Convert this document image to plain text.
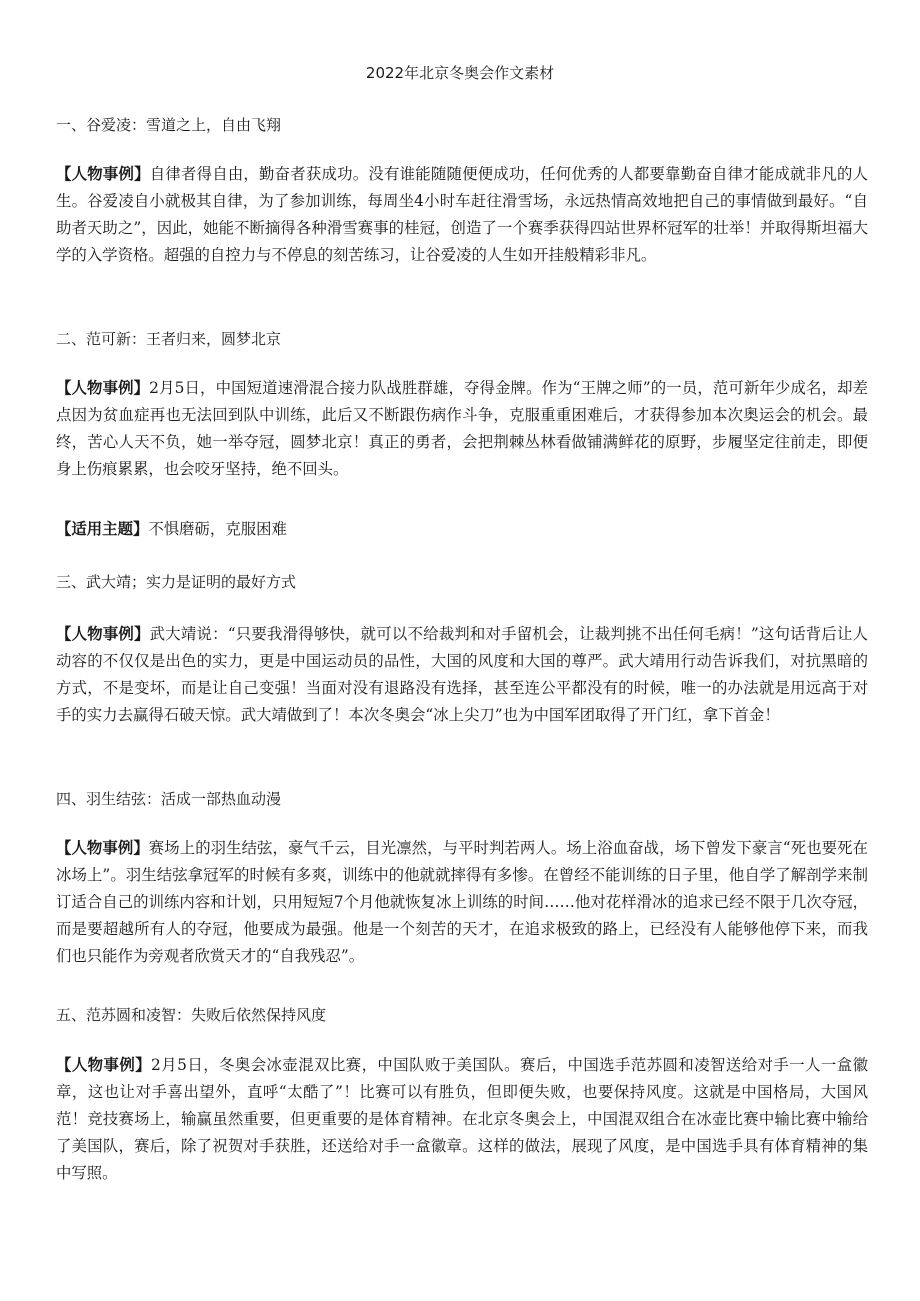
2022年北京冬奥会作文素材
一、谷爱凌：雪道之上，自由飞翔
【人物事例】自律者得自由，勤奋者获成功。没有谁能随随便便成功，任何优秀的人都要靠勤奋自律才能成就非凡的人生。谷爱凌自小就极其自律，为了参加训练，每周坐4小时车赶往滑雪场，永远热情高效地把自己的事情做到最好。“自助者天助之”，因此，她能不断摘得各种滑雪赛事的桂冠，创造了一个赛季获得四站世界杯冠军的壮举！并取得斯坦福大学的入学资格。超强的自控力与不停息的刻苦练习，让谷爱凌的人生如开挂般精彩非凡。
二、范可新：王者归来，圆梦北京
【人物事例】2月5日，中国短道速滑混合接力队战胜群雄，夺得金牌。作为“王牌之师”的一员，范可新年少成名，却差点因为贫血症再也无法回到队中训练，此后又不断跟伤病作斗争，克服重重困难后，才获得参加本次奥运会的机会。最终，苦心人天不负，她一举夺冠，圆梦北京！真正的勇者，会把荆棘丛林看做铺满鲜花的原野，步履坚定往前走，即便身上伤痕累累，也会咬牙坚持，绝不回头。
【适用主题】不惧磨砺，克服困难
三、武大靖；实力是证明的最好方式
【人物事例】武大靖说：“只要我滑得够快，就可以不给裁判和对手留机会，让裁判挑不出任何毛病！”这句话背后让人动容的不仅仅是出色的实力，更是中国运动员的品性，大国的风度和大国的尊严。武大靖用行动告诉我们，对抗黑暗的方式，不是变坏，而是让自己变强！当面对没有退路没有选择，甚至连公平都没有的时候，唯一的办法就是用远高于对手的实力去赢得石破天惊。武大靖做到了！本次冬奥会“冰上尖刀”也为中国军团取得了开门红，拿下首金！
四、羽生结弦：活成一部热血动漫
【人物事例】赛场上的羽生结弦，豪气千云，目光凛然，与平时判若两人。场上浴血奋战，场下曾发下豪言“死也要死在冰场上”。羽生结弦拿冠军的时候有多爽，训练中的他就就摔得有多惨。在曾经不能训练的日子里，他自学了解剖学来制订适合自己的训练内容和计划，只用短短7个月他就恢复冰上训练的时间……他对花样滑冰的追求已经不限于几次夺冠，而是要超越所有人的夺冠，他要成为最强。他是一个刻苦的天才，在追求极致的路上，已经没有人能够他停下来，而我们也只能作为旁观者欣赏天才的“自我残忍”。
五、范苏圆和凌智：失败后依然保持风度
【人物事例】2月5日，冬奥会冰壶混双比赛，中国队败于美国队。赛后，中国选手范苏圆和凌智送给对手一人一盒徽章，这也让对手喜出望外，直呼“太酷了”！比赛可以有胜负，但即便失败，也要保持风度。这就是中国格局，大国风范！竞技赛场上，输赢虽然重要，但更重要的是体育精神。在北京冬奥会上，中国混双组合在冰壶比赛中输比赛中输给了美国队，赛后，除了祝贺对手获胜，还送给对手一盒徽章。这样的做法，展现了风度，是中国选手具有体育精神的集中写照。
